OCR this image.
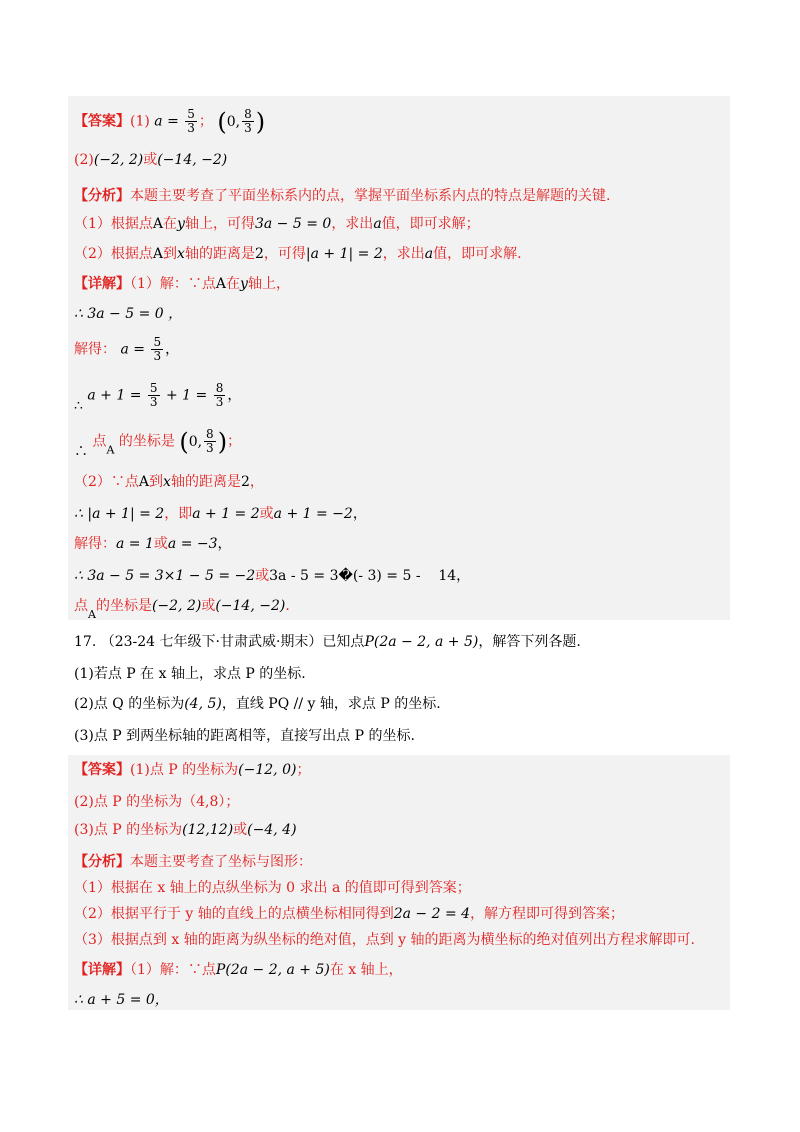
【答案】(1) $a = \frac{5}{3}$ ； (0, $\frac{8}{3}$ )
(2)(−2, 2)或(−14, −2)
【分析】本题主要考查了平面坐标系内的点，掌握平面坐标系内点的特点是解题的关键.
（1）根据点A在y轴上，可得3a − 5 = 0，求出a值，即可求解；
（2）根据点A到x轴的距离是2，可得|a + 1| = 2，求出a值，即可求解.
【详解】（1）解：∵点A在y轴上，
∴ 3a − 5 = 0 ，
解得： $a = \frac{5}{3}$ ，
∴ $a + 1 = \frac{5}{3} + 1 = \frac{8}{3}$ ，
∴ 点$_A$ 的坐标是 (0, $\frac{8}{3}$ )；
（2）∵点A到x轴的距离是2，
∴ |a + 1| = 2，即a + 1 = 2或a + 1 = −2，
解得：a = 1或a = −3，
∴ 3a − 5 = 3×1 − 5 = −2或3a - 5 = 3�(- 3) = 5 -    14，
点$_A$的坐标是(−2, 2)或(−14, −2).
17. （23-24 七年级下·甘肃武威·期末）已知点P(2a − 2, a + 5)，解答下列各题.
(1)若点 P 在 x 轴上，求点 P 的坐标.
(2)点 Q 的坐标为(4, 5)，直线 PQ // y 轴，求点 P 的坐标.
(3)点 P 到两坐标轴的距离相等，直接写出点 P 的坐标.
【答案】(1)点 P 的坐标为(−12, 0)；
(2)点 P 的坐标为（4,8）；
(3)点 P 的坐标为(12,12)或(−4, 4)
【分析】本题主要考查了坐标与图形：
（1）根据在 x 轴上的点纵坐标为 0 求出 a 的值即可得到答案；
（2）根据平行于 y 轴的直线上的点横坐标相同得到2a − 2 = 4，解方程即可得到答案；
（3）根据点到 x 轴的距离为纵坐标的绝对值，点到 y 轴的距离为横坐标的绝对值列出方程求解即可.
【详解】（1）解：∵点P(2a − 2, a + 5)在 x 轴上，
∴ a + 5 = 0，
